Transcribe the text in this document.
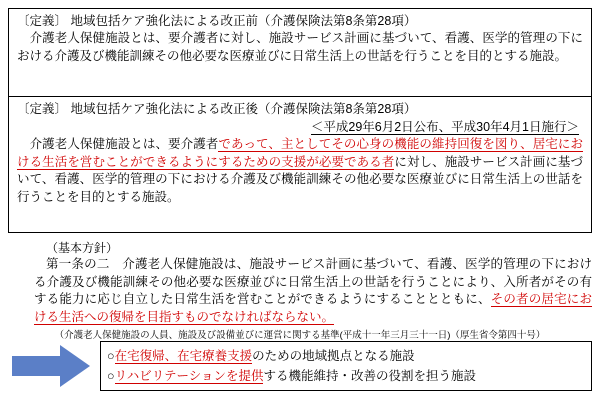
〔定義〕 地域包括ケア強化法による改正前（介護保険法第8条第28項）
　介護老人保健施設とは、要介護者に対し、施設サービス計画に基づいて、看護、医学的管理の下における介護及び機能訓練その他必要な医療並びに日常生活上の世話を行うことを目的とする施設。
〔定義〕 地域包括ケア強化法による改正後（介護保険法第8条第28項）
＜平成29年6月2日公布、平成30年4月1日施行＞
　介護老人保健施設とは、要介護者であって、主としてその心身の機能の維持回復を図り、居宅における生活を営むことができるようにするための支援が必要である者に対し、施設サービス計画に基づいて、看護、医学的管理の下における介護及び機能訓練その他必要な医療並びに日常生活上の世話を行うことを目的とする施設。
（基本方針）
第一条の二　介護老人保健施設は、施設サービス計画に基づいて、看護、医学的管理の下における介護及び機能訓練その他必要な医療並びに日常生活上の世話を行うことにより、入所者がその有する能力に応じ自立した日常生活を営むことができるようにすることとともに、その者の居宅における生活への復帰を目指すものでなければならない。
（介護老人保健施設の人員、施設及び設備並びに運営に関する基準(平成十一年三月三十一日)（厚生省令第四十号）
○在宅復帰、在宅療養支援のための地域拠点となる施設
○リハビリテーションを提供する機能維持・改善の役割を担う施設
